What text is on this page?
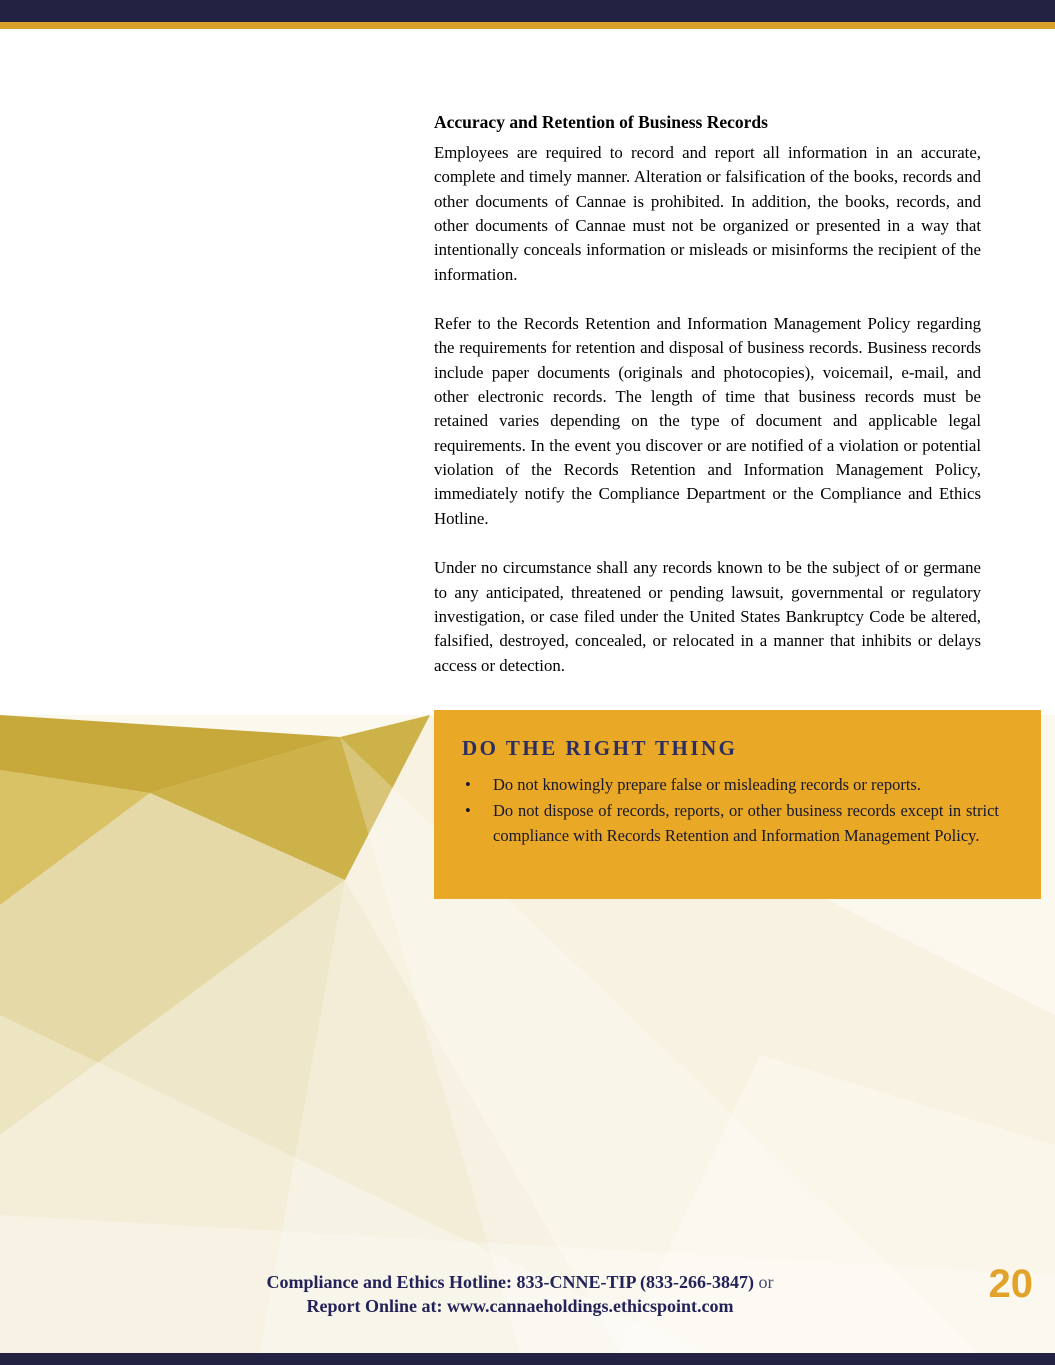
Accuracy and Retention of Business Records

Employees are required to record and report all information in an accurate, complete and timely manner. Alteration or falsification of the books, records and other documents of Cannae is prohibited. In addition, the books, records, and other documents of Cannae must not be organized or presented in a way that intentionally conceals information or misleads or misinforms the recipient of the information.

Refer to the Records Retention and Information Management Policy regarding the requirements for retention and disposal of business records. Business records include paper documents (originals and photocopies), voicemail, e-mail, and other electronic records. The length of time that business records must be retained varies depending on the type of document and applicable legal requirements. In the event you discover or are notified of a violation or potential violation of the Records Retention and Information Management Policy, immediately notify the Compliance Department or the Compliance and Ethics Hotline.

Under no circumstance shall any records known to be the subject of or germane to any anticipated, threatened or pending lawsuit, governmental or regulatory investigation, or case filed under the United States Bankruptcy Code be altered, falsified, destroyed, concealed, or relocated in a manner that inhibits or delays access or detection.

DO THE RIGHT THING
• Do not knowingly prepare false or misleading records or reports.
• Do not dispose of records, reports, or other business records except in strict compliance with Records Retention and Information Management Policy.
Compliance and Ethics Hotline: 833-CNNE-TIP (833-266-3847) or
Report Online at: www.cannaeholdings.ethicspoint.com
20
